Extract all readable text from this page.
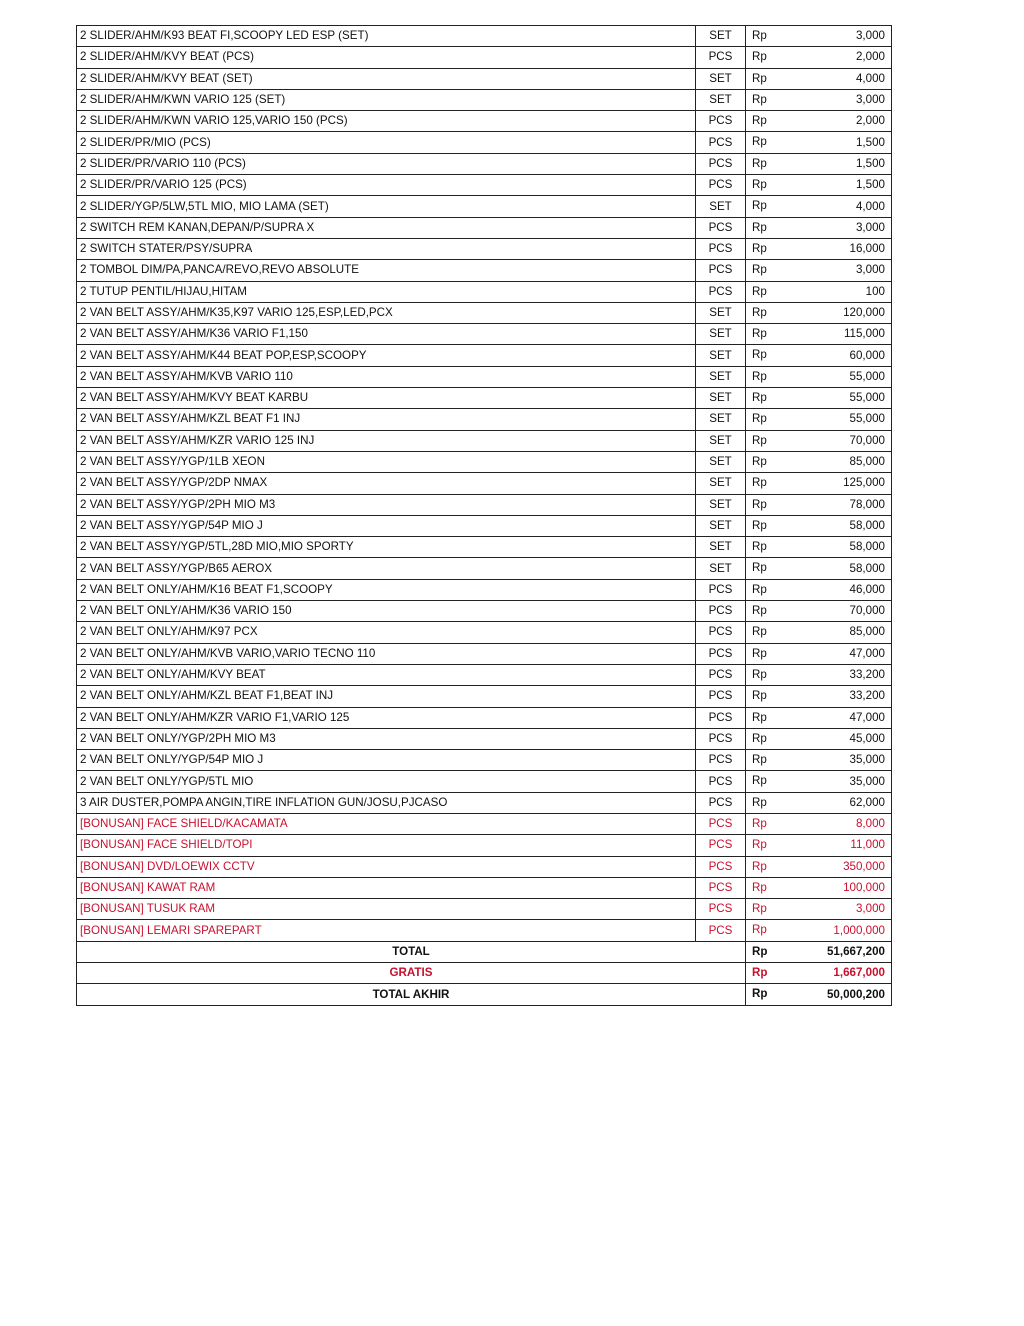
2 SLIDER/AHM/K93 BEAT FI,SCOOPY LED ESP (SET)	SET	Rp 3,000

2 SLIDER/AHM/KVY BEAT (PCS)	PCS	Rp 2,000

2 SLIDER/AHM/KVY BEAT (SET)	SET	Rp 4,000

2 SLIDER/AHM/KWN VARIO 125 (SET)	SET	Rp 3,000

2 SLIDER/AHM/KWN VARIO 125,VARIO 150 (PCS)	PCS	Rp 2,000

2 SLIDER/PR/MIO (PCS)	PCS	Rp 1,500

2 SLIDER/PR/VARIO 110 (PCS)	PCS	Rp 1,500

2 SLIDER/PR/VARIO 125 (PCS)	PCS	Rp 1,500

2 SLIDER/YGP/5LW,5TL MIO, MIO LAMA (SET)	SET	Rp 4,000

2 SWITCH REM KANAN,DEPAN/P/SUPRA X	PCS	Rp 3,000

2 SWITCH STATER/PSY/SUPRA	PCS	Rp 16,000

2 TOMBOL DIM/PA,PANCA/REVO,REVO ABSOLUTE	PCS	Rp 3,000

2 TUTUP PENTIL/HIJAU,HITAM	PCS	Rp 100

2 VAN BELT ASSY/AHM/K35,K97 VARIO 125,ESP,LED,PCX	SET	Rp 120,000

2 VAN BELT ASSY/AHM/K36 VARIO F1,150	SET	Rp 115,000

2 VAN BELT ASSY/AHM/K44 BEAT POP,ESP,SCOOPY	SET	Rp 60,000

2 VAN BELT ASSY/AHM/KVB VARIO 110	SET	Rp 55,000

2 VAN BELT ASSY/AHM/KVY BEAT KARBU	SET	Rp 55,000

2 VAN BELT ASSY/AHM/KZL BEAT F1 INJ	SET	Rp 55,000

2 VAN BELT ASSY/AHM/KZR VARIO 125 INJ	SET	Rp 70,000

2 VAN BELT ASSY/YGP/1LB XEON	SET	Rp 85,000

2 VAN BELT ASSY/YGP/2DP NMAX	SET	Rp 125,000

2 VAN BELT ASSY/YGP/2PH MIO M3	SET	Rp 78,000

2 VAN BELT ASSY/YGP/54P MIO J	SET	Rp 58,000

2 VAN BELT ASSY/YGP/5TL,28D MIO,MIO SPORTY	SET	Rp 58,000

2 VAN BELT ASSY/YGP/B65 AEROX	SET	Rp 58,000

2 VAN BELT ONLY/AHM/K16 BEAT F1,SCOOPY	PCS	Rp 46,000

2 VAN BELT ONLY/AHM/K36 VARIO 150	PCS	Rp 70,000

2 VAN BELT ONLY/AHM/K97 PCX	PCS	Rp 85,000

2 VAN BELT ONLY/AHM/KVB VARIO,VARIO TECNO 110	PCS	Rp 47,000

2 VAN BELT ONLY/AHM/KVY BEAT	PCS	Rp 33,200

2 VAN BELT ONLY/AHM/KZL BEAT F1,BEAT INJ	PCS	Rp 33,200

2 VAN BELT ONLY/AHM/KZR VARIO F1,VARIO 125	PCS	Rp 47,000

2 VAN BELT ONLY/YGP/2PH MIO M3	PCS	Rp 45,000

2 VAN BELT ONLY/YGP/54P MIO J	PCS	Rp 35,000

2 VAN BELT ONLY/YGP/5TL MIO	PCS	Rp 35,000

3 AIR DUSTER,POMPA ANGIN,TIRE INFLATION GUN/JOSU,PJCASO	PCS	Rp 62,000

[BONUSAN] FACE SHIELD/KACAMATA	PCS	Rp 8,000

[BONUSAN] FACE SHIELD/TOPI	PCS	Rp 11,000

[BONUSAN] DVD/LOEWIX CCTV	PCS	Rp 350,000

[BONUSAN] KAWAT RAM	PCS	Rp 100,000

[BONUSAN] TUSUK RAM	PCS	Rp 3,000

[BONUSAN] LEMARI SPAREPART	PCS	Rp 1,000,000

TOTAL		Rp 51,667,200

GRATIS		Rp 1,667,000

TOTAL AKHIR		Rp 50,000,200
